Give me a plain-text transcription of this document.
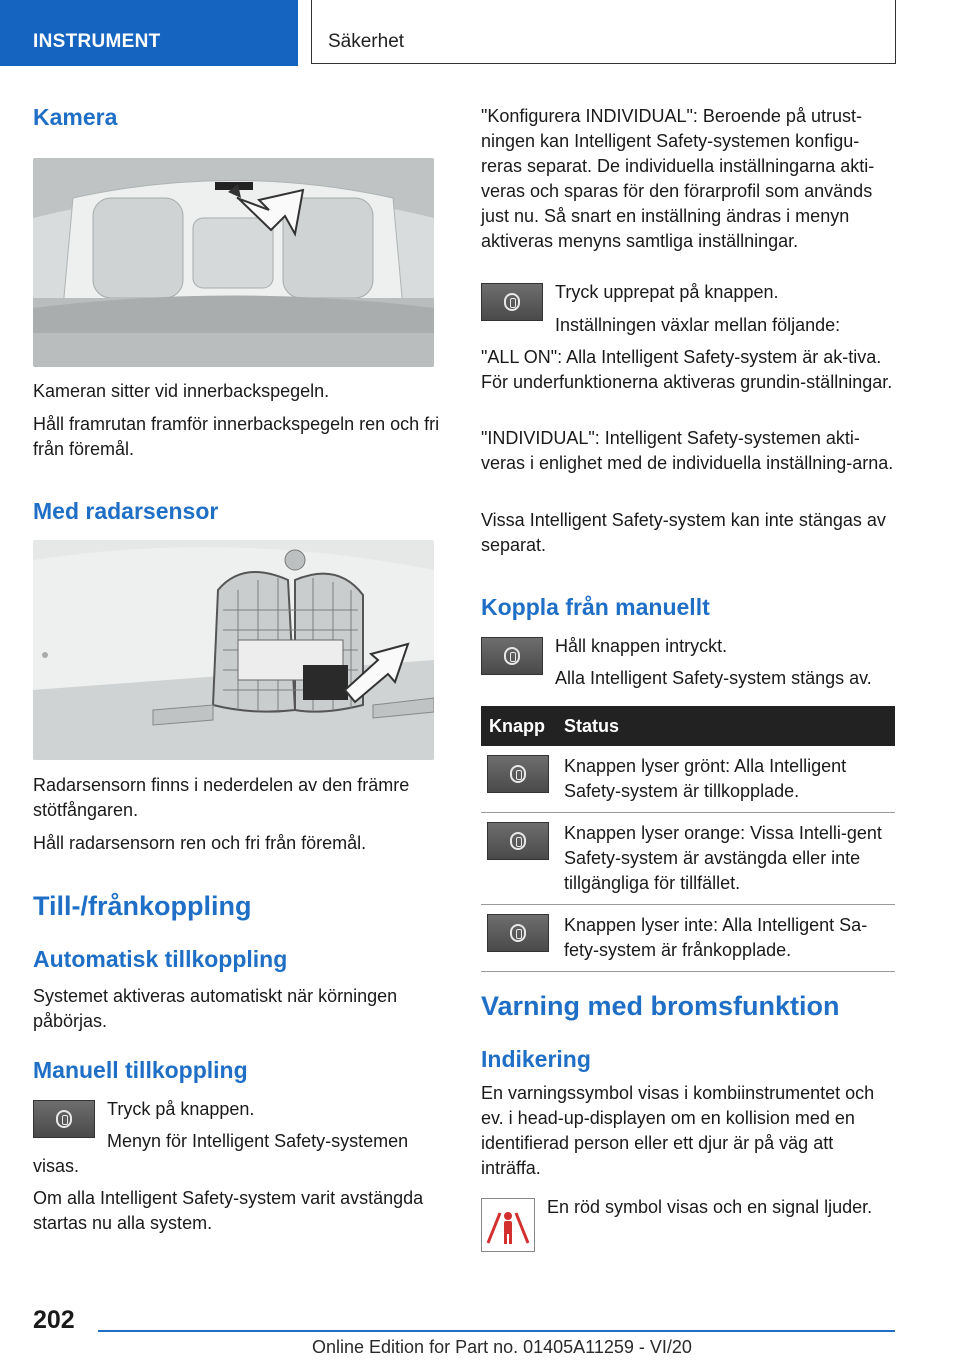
INSTRUMENT	Säkerhet
Kamera

Kameran sitter vid innerbackspegeln.

Håll framrutan framför innerbackspegeln ren och fri från föremål.

Med radarsensor

Radarsensorn finns i nederdelen av den främre stötfångaren.

Håll radarsensorn ren och fri från föremål.

Till-/frånkoppling
Automatisk tillkoppling

Systemet aktiveras automatiskt när körningen påbörjas.

Manuell tillkoppling

Tryck på knappen.

Menyn för Intelligent Safety-systemen

visas.

Om alla Intelligent Safety-system varit avstängda startas nu alla system.

"Konfigurera INDIVIDUAL": Beroende på utrust-ningen kan Intelligent Safety-systemen konfigu-reras separat. De individuella inställningarna akti-veras och sparas för den förarprofil som används just nu. Så snart en inställning ändras i menyn aktiveras menyns samtliga inställningar.

Tryck upprepat på knappen.

Inställningen växlar mellan följande:

"ALL ON": Alla Intelligent Safety-system är ak-tiva. För underfunktionerna aktiveras grundin-ställningar.

"INDIVIDUAL": Intelligent Safety-systemen akti-veras i enlighet med de individuella inställning-arna.

Vissa Intelligent Safety-system kan inte stängas av separat.

Koppla från manuellt

Håll knappen intryckt.

Alla Intelligent Safety-system stängs av.

Knapp	Status

	Knappen lyser grönt: Alla Intelligent Safety-system är tillkopplade.

	Knappen lyser orange: Vissa Intelli-gent Safety-system är avstängda eller inte tillgängliga för tillfället.

	Knappen lyser inte: Alla Intelligent Sa-fety-system är frånkopplade.
Varning med bromsfunktion
Indikering

En varningssymbol visas i kombiinstrumentet och ev. i head-up-displayen om en kollision med en identifierad person eller ett djur är på väg att inträffa.

En röd symbol visas och en signal ljuder.

202
Online Edition for Part no. 01405A11259 - VI/20
